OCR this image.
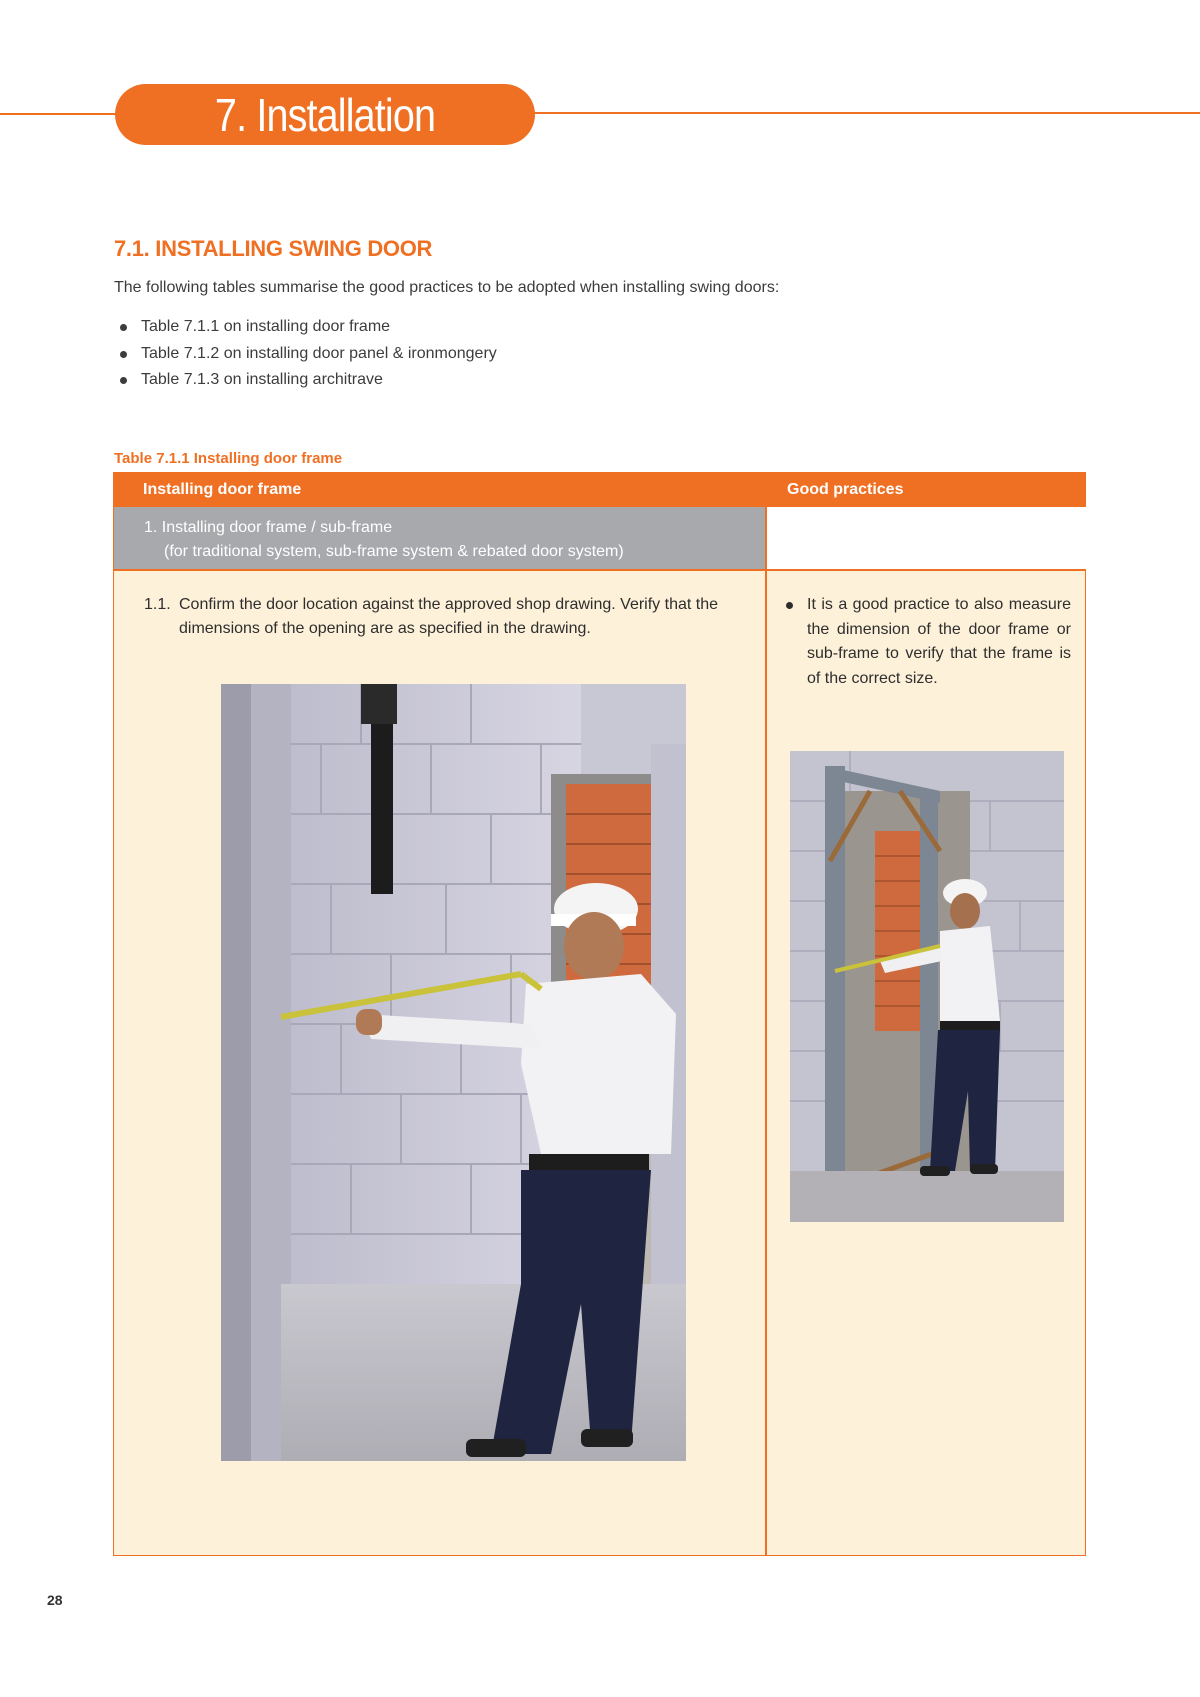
7. Installation
7.1. INSTALLING SWING DOOR
The following tables summarise the good practices to be adopted when installing swing doors:
Table 7.1.1 on installing door frame
Table 7.1.2 on installing door panel & ironmongery
Table 7.1.3 on installing architrave
Table 7.1.1 Installing door frame
Installing door frame	Good practices
1. Installing door frame / sub-frame
(for traditional system, sub-frame system & rebated door system)
1.1. Confirm the door location against the approved shop drawing. Verify that the dimensions of the opening are as specified in the drawing.
It is a good practice to also measure the dimension of the door frame or sub-frame to verify that the frame is of the correct size.
28
